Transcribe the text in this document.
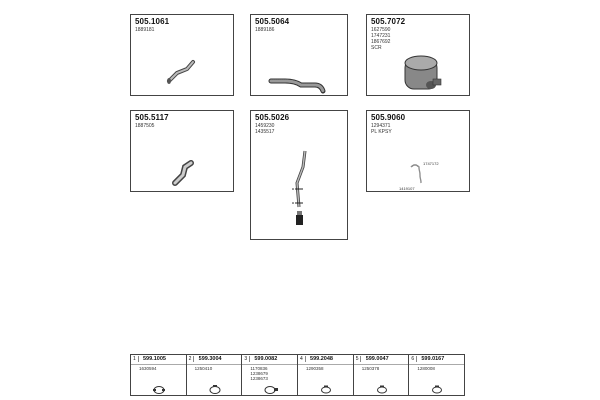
505.1061
1889181
505.5064
1889186
505.7072
1627590
1747231
1867692
SCR
505.5117
1887505
505.5026
1459230
1435517
505.9060
1294371
PL KPSY
1747172
1419107
1	599.1005
1630594
2	599.3004
1250410
3	599.0082
1170836
1238679
1238673
4	599.2048
1290358
5	599.0047
1250378
6	599.0167
1280008
